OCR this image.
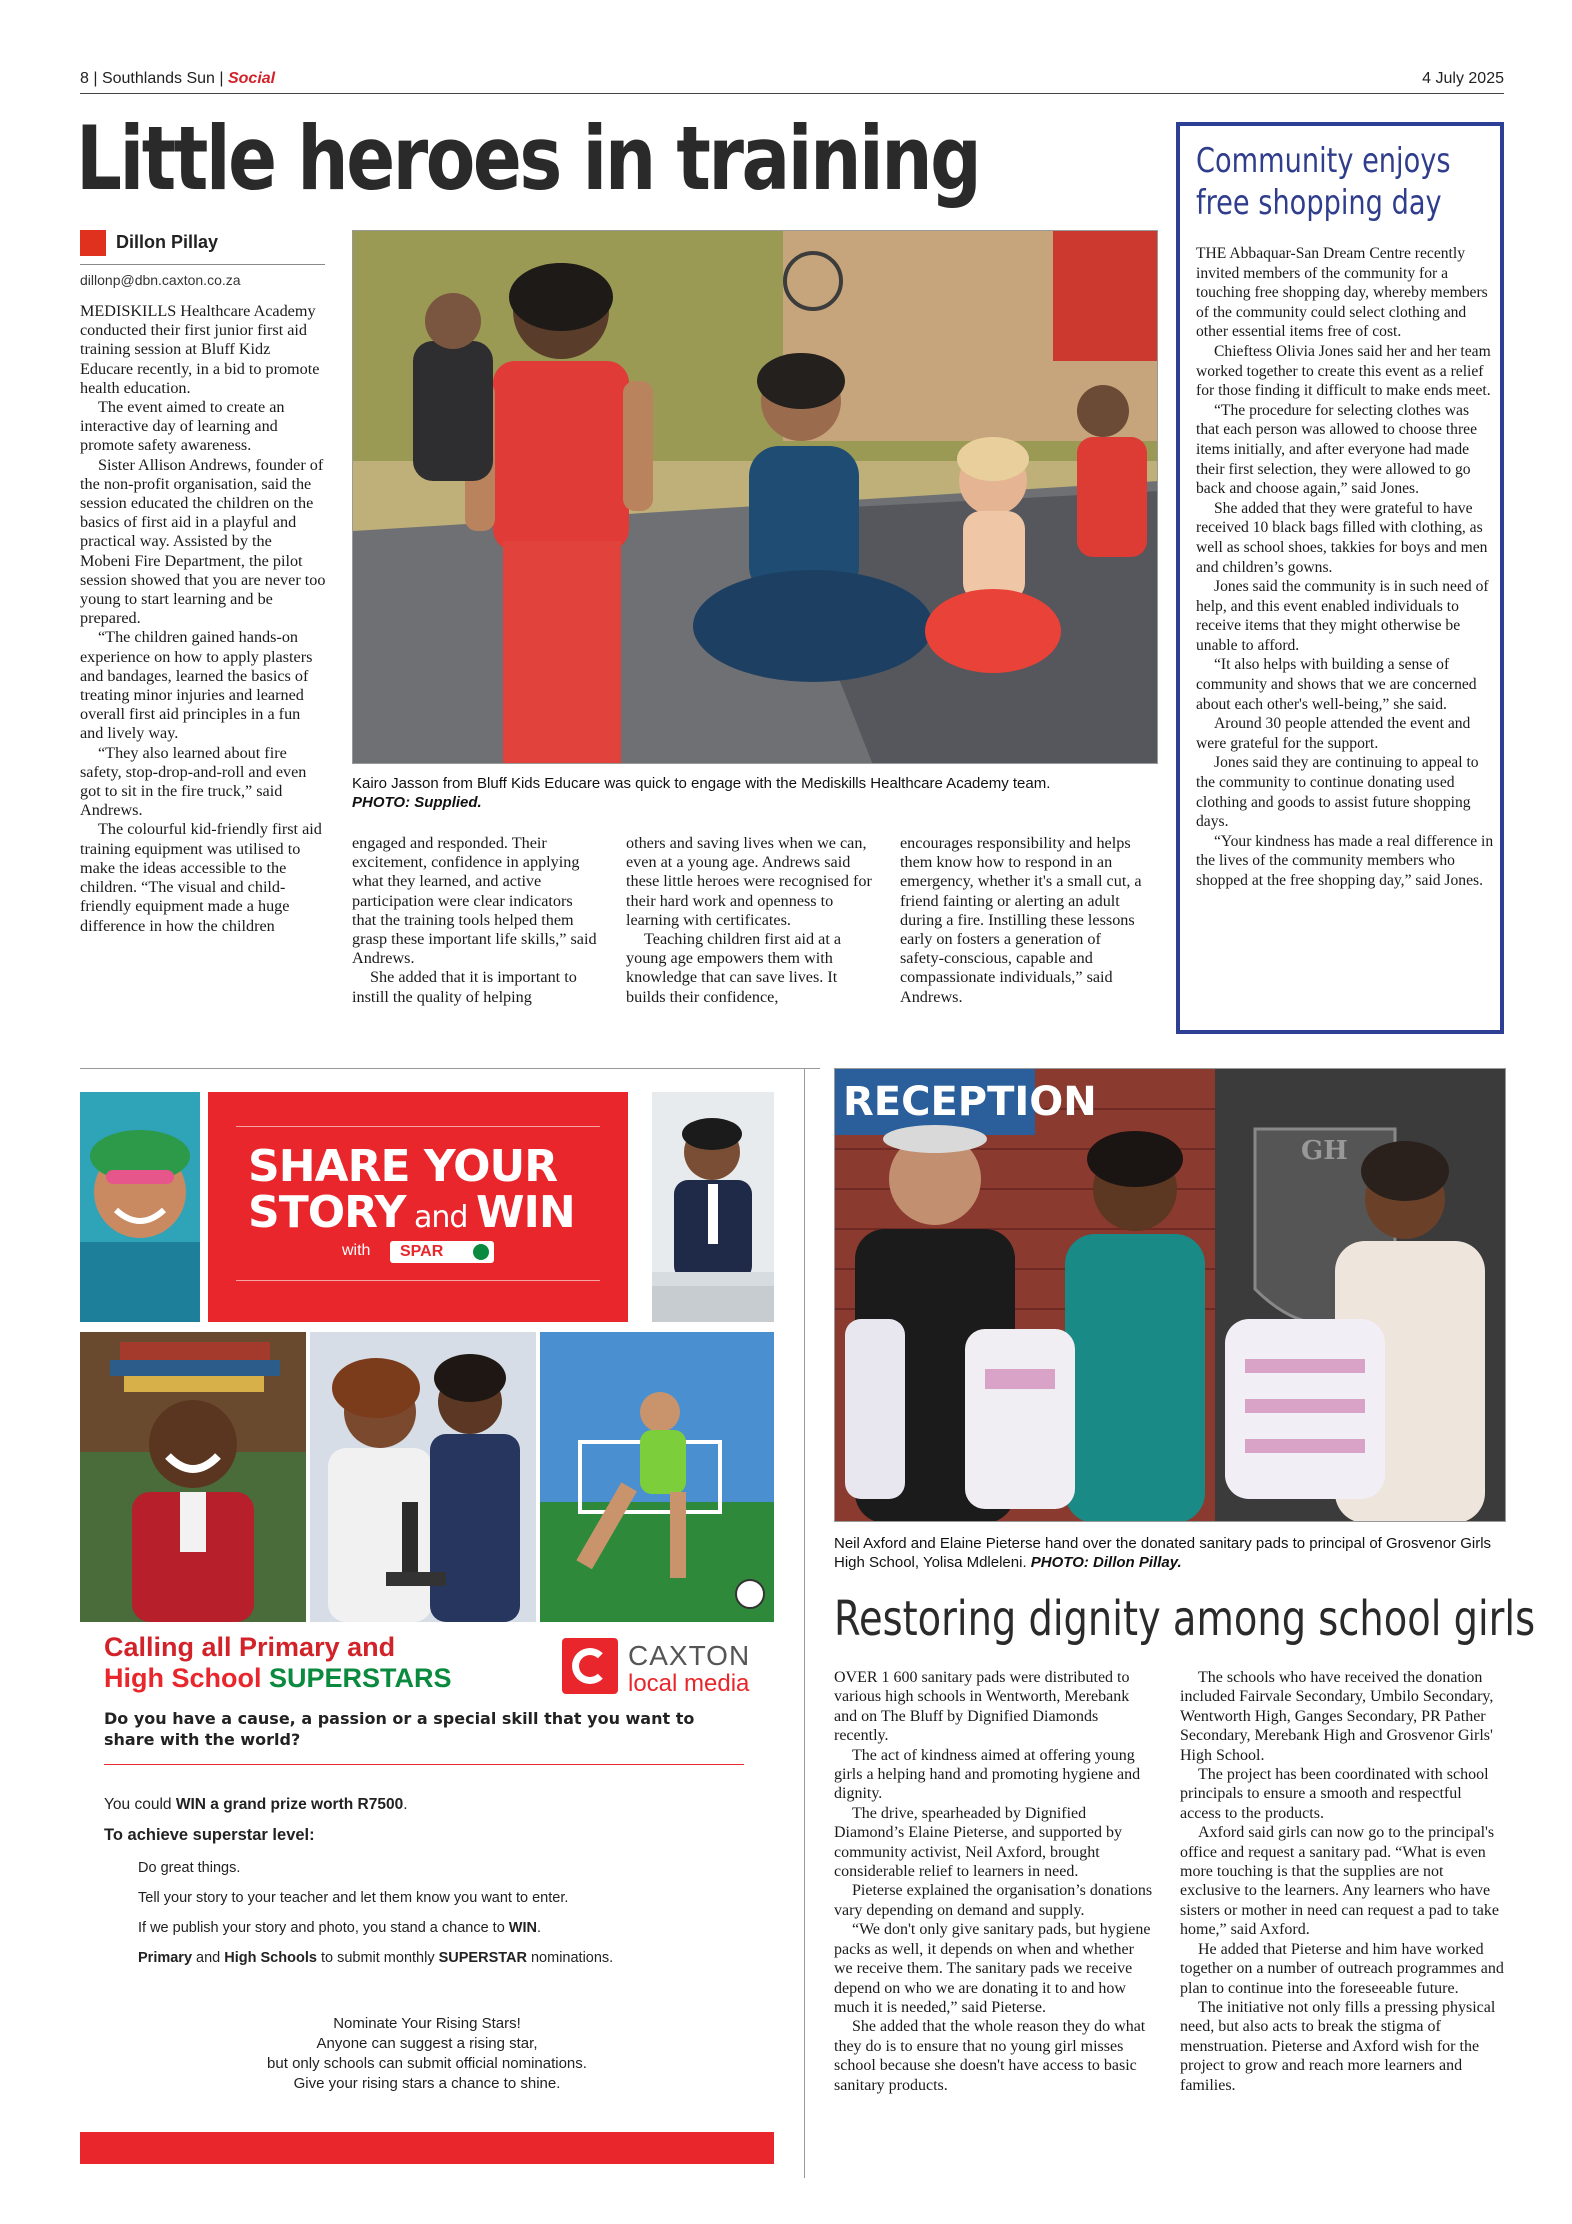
8 | Southlands Sun | Social	4 July 2025
Little heroes in training
Dillon Pillay
dillonp@dbn.caxton.co.za

MEDISKILLS Healthcare Academy conducted their first junior first aid training session at Bluff Kidz Educare recently, in a bid to promote health education.

The event aimed to create an interactive day of learning and promote safety awareness.

Sister Allison Andrews, founder of the non-profit organisation, said the session educated the children on the basics of first aid in a playful and practical way. Assisted by the Mobeni Fire Department, the pilot session showed that you are never too young to start learning and be prepared.

“The children gained hands-on experience on how to apply plasters and bandages, learned the basics of treating minor injuries and learned overall first aid principles in a fun and lively way.

“They also learned about fire safety, stop-drop-and-roll and even got to sit in the fire truck,” said Andrews.

The colourful kid-friendly first aid training equipment was utilised to make the ideas accessible to the children. “The visual and child-friendly equipment made a huge difference in how the children

Kairo Jasson from Bluff Kids Educare was quick to engage with the Mediskills Healthcare Academy team.
PHOTO: Supplied.

engaged and responded. Their excitement, confidence in applying what they learned, and active participation were clear indicators that the training tools helped them grasp these important life skills,” said Andrews.

She added that it is important to instill the quality of helping

others and saving lives when we can, even at a young age. Andrews said these little heroes were recognised for their hard work and openness to learning with certificates.

Teaching children first aid at a young age empowers them with knowledge that can save lives. It builds their confidence,

encourages responsibility and helps them know how to respond in an emergency, whether it's a small cut, a friend fainting or alerting an adult during a fire. Instilling these lessons early on fosters a generation of safety-conscious, capable and compassionate individuals,” said Andrews.

Community enjoys
free shopping day

THE Abbaquar-San Dream Centre recently invited members of the community for a touching free shopping day, whereby members of the community could select clothing and other essential items free of cost.

Chieftess Olivia Jones said her and her team worked together to create this event as a relief for those finding it difficult to make ends meet.

“The procedure for selecting clothes was that each person was allowed to choose three items initially, and after everyone had made their first selection, they were allowed to go back and choose again,” said Jones.

She added that they were grateful to have received 10 black bags filled with clothing, as well as school shoes, takkies for boys and men and children’s gowns.

Jones said the community is in such need of help, and this event enabled individuals to receive items that they might otherwise be unable to afford.

“It also helps with building a sense of community and shows that we are concerned about each other's well-being,” she said.

Around 30 people attended the event and were grateful for the support.

Jones said they are continuing to appeal to the community to continue donating used clothing and goods to assist future shopping days.

“Your kindness has made a real difference in the lives of the community members who shopped at the free shopping day,” said Jones.

SHARE YOUR
STORY and WIN
with	SPAR
Calling all Primary and
High School SUPERSTARS
CAXTON
local media
Do you have a cause, a passion or a special skill that you want to share with the world?
You could WIN a grand prize worth R7500.
To achieve superstar level:
Do great things.
Tell your story to your teacher and let them know you want to enter.
If we publish your story and photo, you stand a chance to WIN.
Primary and High Schools to submit monthly SUPERSTAR nominations.
Nominate Your Rising Stars!
Anyone can suggest a rising star,
but only schools can submit official nominations.
Give your rising stars a chance to shine.
RECEPTION
GH
Neil Axford and Elaine Pieterse hand over the donated sanitary pads to principal of Grosvenor Girls High School, Yolisa Mdleleni. PHOTO: Dillon Pillay.
Restoring dignity among school girls

OVER 1 600 sanitary pads were distributed to various high schools in Wentworth, Merebank and on The Bluff by Dignified Diamonds recently.

The act of kindness aimed at offering young girls a helping hand and promoting hygiene and dignity.

The drive, spearheaded by Dignified Diamond’s Elaine Pieterse, and supported by community activist, Neil Axford, brought considerable relief to learners in need.

Pieterse explained the organisation’s donations vary depending on demand and supply.

“We don't only give sanitary pads, but hygiene packs as well, it depends on when and whether we receive them. The sanitary pads we receive depend on who we are donating it to and how much it is needed,” said Pieterse.

She added that the whole reason they do what they do is to ensure that no young girl misses school because she doesn't have access to basic sanitary products.

The schools who have received the donation included Fairvale Secondary, Umbilo Secondary, Wentworth High, Ganges Secondary, PR Pather Secondary, Merebank High and Grosvenor Girls' High School.

The project has been coordinated with school principals to ensure a smooth and respectful access to the products.

Axford said girls can now go to the principal's office and request a sanitary pad. “What is even more touching is that the supplies are not exclusive to the learners. Any learners who have sisters or mother in need can request a pad to take home,” said Axford.

He added that Pieterse and him have worked together on a number of outreach programmes and plan to continue into the foreseeable future.

The initiative not only fills a pressing physical need, but also acts to break the stigma of menstruation. Pieterse and Axford wish for the project to grow and reach more learners and families.
